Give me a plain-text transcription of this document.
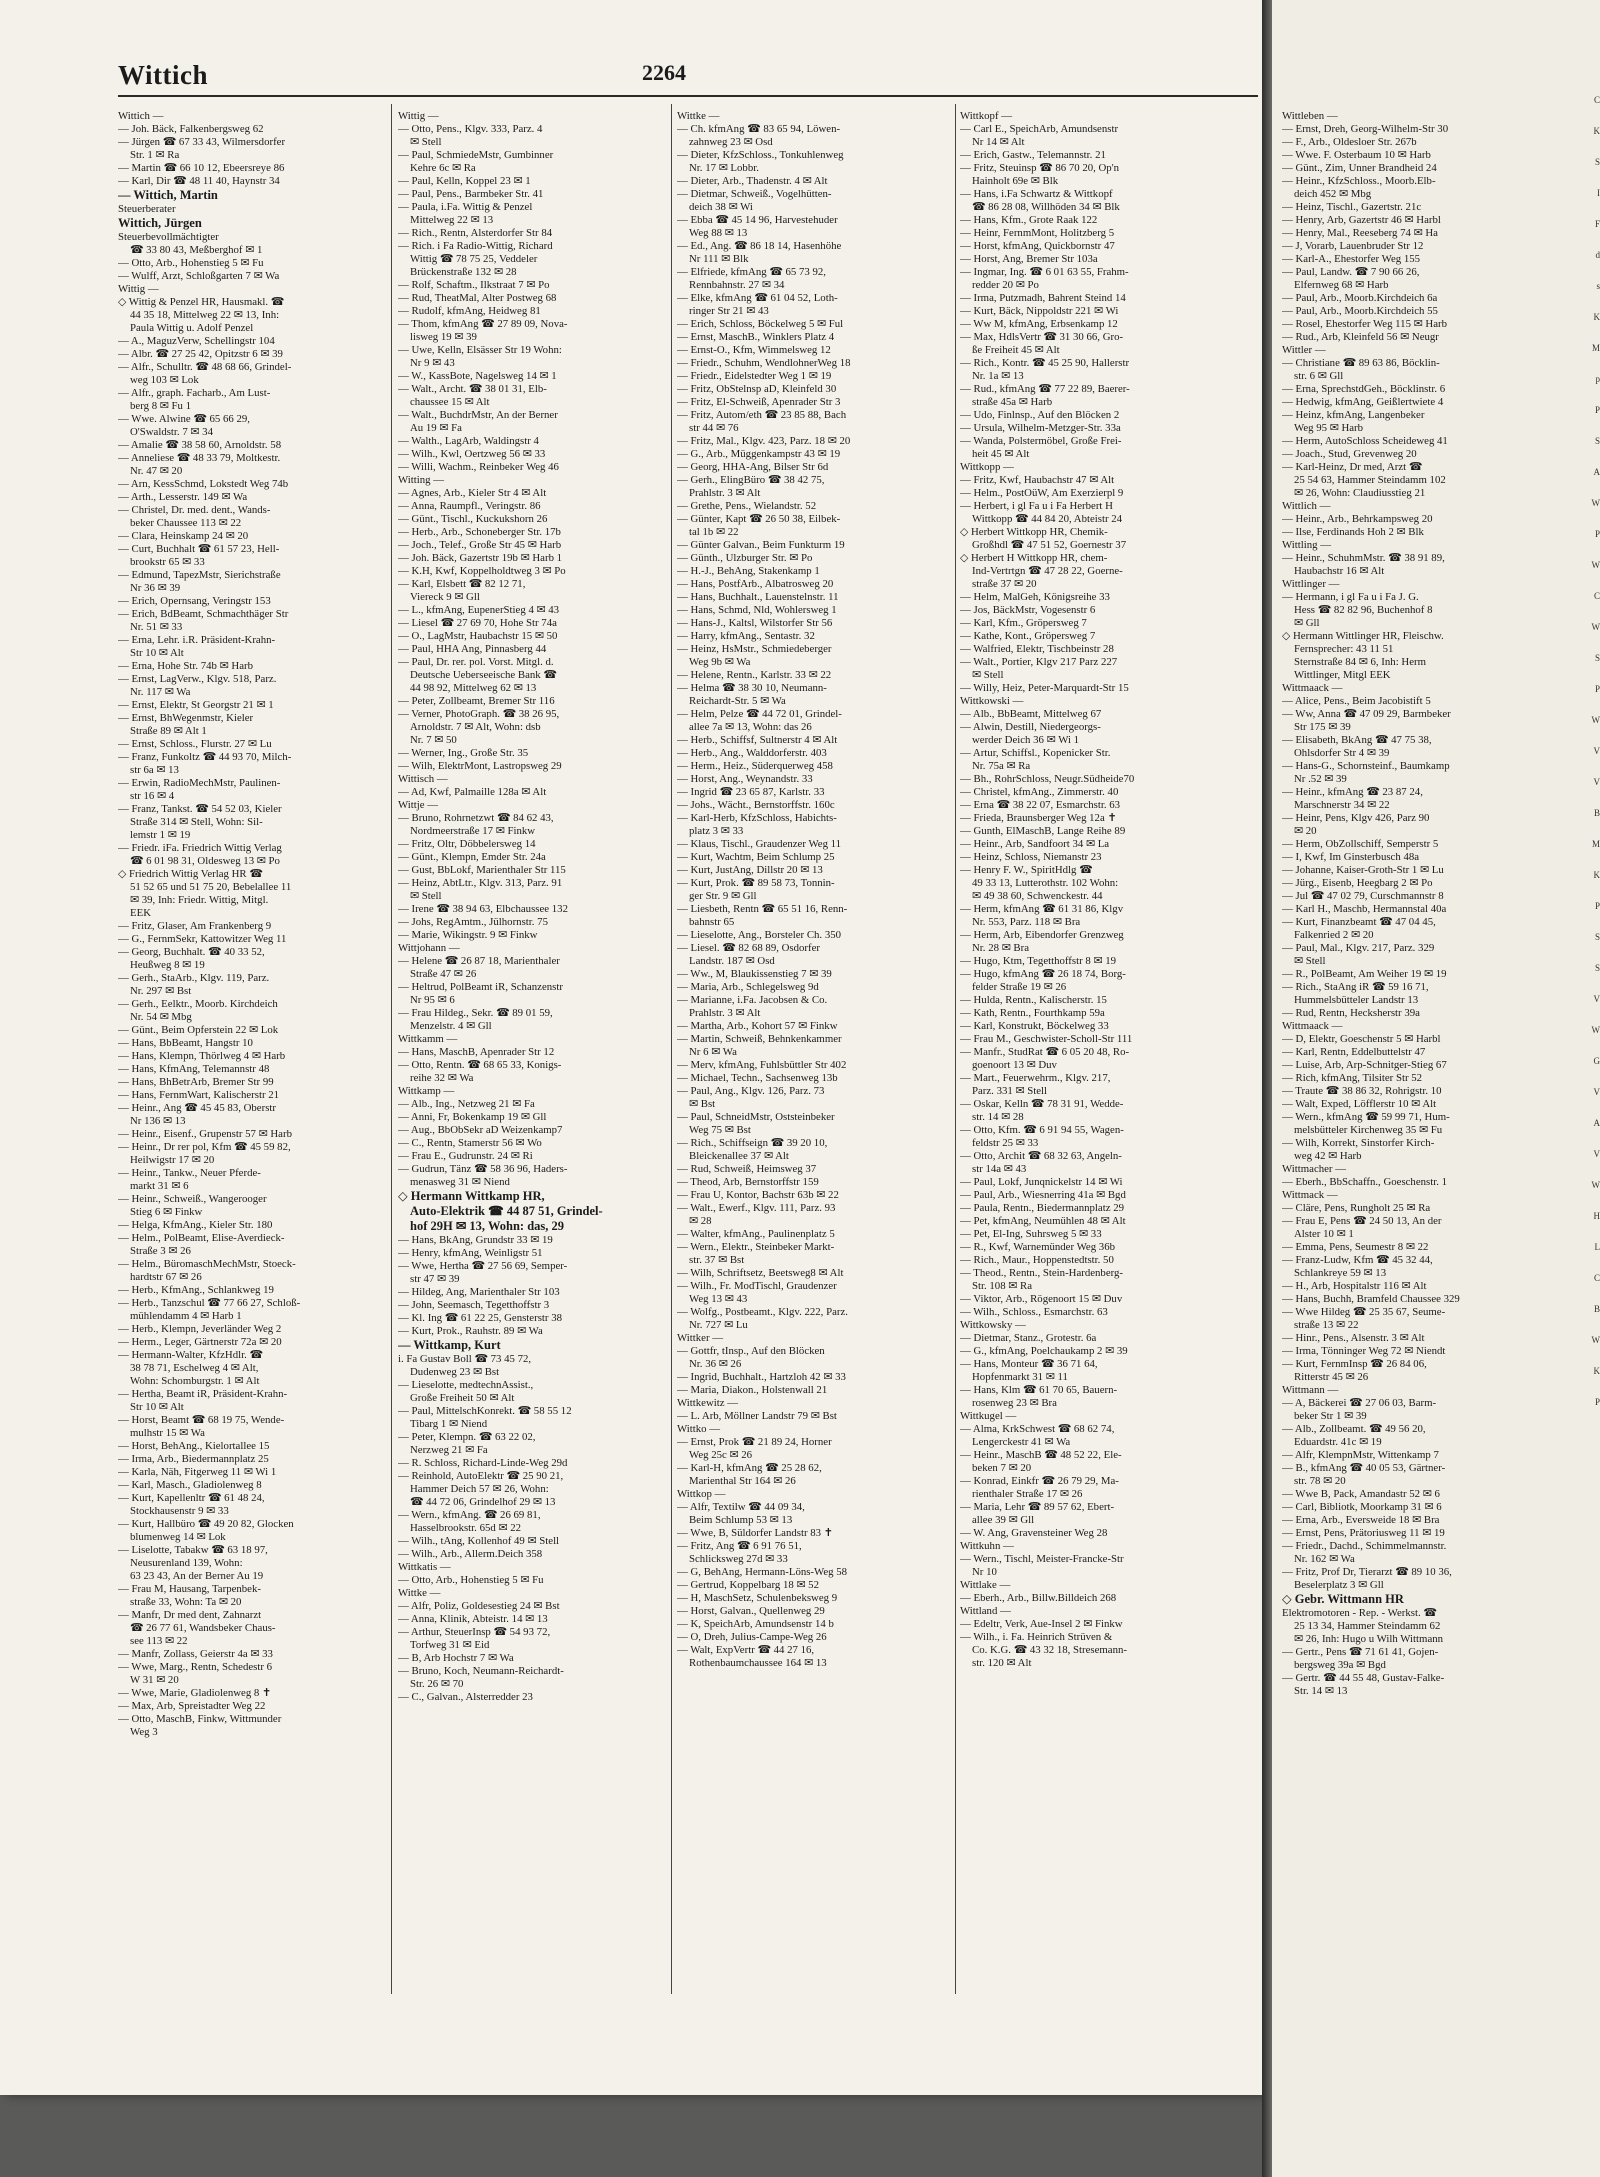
Wittich	2264
Wittich —
— Joh. Bäck, Falkenbergsweg 62
— Jürgen ☎ 67 33 43, Wilmersdorfer
Str. 1 ✉ Ra
— Martin ☎ 66 10 12, Ebeersreye 86
— Karl, Dir ☎ 48 11 40, Haynstr 34
— Wittich, Martin
Steuerberater
Wittich, Jürgen
Steuerbevollmächtigter
☎ 33 80 43, Meßberghof ✉ 1
— Otto, Arb., Hohenstieg 5 ✉ Fu
— Wulff, Arzt, Schloßgarten 7 ✉ Wa
Wittig —
◇ Wittig & Penzel HR, Hausmakl. ☎
44 35 18, Mittelweg 22 ✉ 13, Inh:
Paula Wittig u. Adolf Penzel
— A., MaguzVerw, Schellingstr 104
— Albr. ☎ 27 25 42, Opitzstr 6 ✉ 39
— Alfr., Schulltr. ☎ 48 68 66, Grindel-
weg 103 ✉ Lok
— Alfr., graph. Facharb., Am Lust-
berg 8 ✉ Fu 1
— Wwe. Alwine ☎ 65 66 29,
O'Swaldstr. 7 ✉ 34
— Amalie ☎ 38 58 60, Arnoldstr. 58
— Anneliese ☎ 48 33 79, Moltkestr.
Nr. 47 ✉ 20
— Arn, KessSchmd, Lokstedt Weg 74b
— Arth., Lesserstr. 149 ✉ Wa
— Christel, Dr. med. dent., Wands-
beker Chaussee 113 ✉ 22
— Clara, Heinskamp 24 ✉ 20
— Curt, Buchhalt ☎ 61 57 23, Hell-
brookstr 65 ✉ 33
— Edmund, TapezMstr, Sierichstraße
Nr 36 ✉ 39
— Erich, Opernsang, Veringstr 153
— Erich, BdBeamt, Schmachthäger Str
Nr. 51 ✉ 33
— Erna, Lehr. i.R. Präsident-Krahn-
Str 10 ✉ Alt
— Erna, Hohe Str. 74b ✉ Harb
— Ernst, LagVerw., Klgv. 518, Parz.
Nr. 117 ✉ Wa
— Ernst, Elektr, St Georgstr 21 ✉ 1
— Ernst, BhWegenmstr, Kieler
Straße 89 ✉ Alt 1
— Ernst, Schloss., Flurstr. 27 ✉ Lu
— Franz, Funkoltz ☎ 44 93 70, Milch-
str 6a ✉ 13
— Erwin, RadioMechMstr, Paulinen-
str 16 ✉ 4
— Franz, Tankst. ☎ 54 52 03, Kieler
Straße 314 ✉ Stell, Wohn: Sil-
lemstr 1 ✉ 19
— Friedr. iFa. Friedrich Wittig Verlag
☎ 6 01 98 31, Oldesweg 13 ✉ Po
◇ Friedrich Wittig Verlag HR ☎
51 52 65 und 51 75 20, Bebelallee 11
✉ 39, Inh: Friedr. Wittig, Mitgl.
EEK
— Fritz, Glaser, Am Frankenberg 9
— G., FernmSekr, Kattowitzer Weg 11
— Georg, Buchhalt. ☎ 40 33 52,
Heußweg 8 ✉ 19
— Gerh., StaArb., Klgv. 119, Parz.
Nr. 297 ✉ Bst
— Gerh., Eelktr., Moorb. Kirchdeich
Nr. 54 ✉ Mbg
— Günt., Beim Opferstein 22 ✉ Lok
— Hans, BbBeamt, Hangstr 10
— Hans, Klempn, Thörlweg 4 ✉ Harb
— Hans, KfmAng, Telemannstr 48
— Hans, BhBetrArb, Bremer Str 99
— Hans, FernmWart, Kalischerstr 21
— Heinr., Ang ☎ 45 45 83, Oberstr
Nr 136 ✉ 13
— Heinr., Eisenf., Grupenstr 57 ✉ Harb
— Heinr., Dr rer pol, Kfm ☎ 45 59 82,
Heilwigstr 17 ✉ 20
— Heinr., Tankw., Neuer Pferde-
markt 31 ✉ 6
— Heinr., Schweiß., Wangerooger
Stieg 6 ✉ Finkw
— Helga, KfmAng., Kieler Str. 180
— Helm., PolBeamt, Elise-Averdieck-
Straße 3 ✉ 26
— Helm., BüromaschMechMstr, Stoeck-
hardtstr 67 ✉ 26
— Herb., KfmAng., Schlankweg 19
— Herb., Tanzschul ☎ 77 66 27, Schloß-
mühlendamm 4 ✉ Harb 1
— Herb., Klempn, Jeverländer Weg 2
— Herm., Leger, Gärtnerstr 72a ✉ 20
— Hermann-Walter, KfzHdlr. ☎
38 78 71, Eschelweg 4 ✉ Alt,
Wohn: Schomburgstr. 1 ✉ Alt
— Hertha, Beamt iR, Präsident-Krahn-
Str 10 ✉ Alt
— Horst, Beamt ☎ 68 19 75, Wende-
mulhstr 15 ✉ Wa
— Horst, BehAng., Kielortallee 15
— Irma, Arb., Biedermannplatz 25
— Karla, Näh, Fitgerweg 11 ✉ Wi 1
— Karl, Masch., Gladiolenweg 8
— Kurt, Kapellenltr ☎ 61 48 24,
Stockhausenstr 9 ✉ 33
— Kurt, Hallbüro ☎ 49 20 82, Glocken
blumenweg 14 ✉ Lok
— Liselotte, Tabakw ☎ 63 18 97,
Neusurenland 139, Wohn:
63 23 43, An der Berner Au 19
— Frau M, Hausang, Tarpenbek-
straße 33, Wohn: Ta ✉ 20
— Manfr, Dr med dent, Zahnarzt
☎ 26 77 61, Wandsbeker Chaus-
see 113 ✉ 22
— Manfr, Zollass, Geierstr 4a ✉ 33
— Wwe, Marg., Rentn, Schedestr 6
W 31 ✉ 20
— Wwe, Marie, Gladiolenweg 8 ✝
— Max, Arb, Spreistadter Weg 22
— Otto, MaschB, Finkw, Wittmunder
Weg 3
Wittig —
— Otto, Pens., Klgv. 333, Parz. 4
✉ Stell
— Paul, SchmiedeMstr, Gumbinner
Kehre 6c ✉ Ra
— Paul, Kelln, Koppel 23 ✉ 1
— Paul, Pens., Barmbeker Str. 41
— Paula, i.Fa. Wittig & Penzel
Mittelweg 22 ✉ 13
— Rich., Rentn, Alsterdorfer Str 84
— Rich. i Fa Radio-Wittig, Richard
Wittig ☎ 78 75 25, Veddeler
Brückenstraße 132 ✉ 28
— Rolf, Schaftm., Ilkstraat 7 ✉ Po
— Rud, TheatMal, Alter Postweg 68
— Rudolf, kfmAng, Heidweg 81
— Thom, kfmAng ☎ 27 89 09, Nova-
lisweg 19 ✉ 39
— Uwe, Kelln, Elsässer Str 19 Wohn:
Nr 9 ✉ 43
— W., KassBote, Nagelsweg 14 ✉ 1
— Walt., Archt. ☎ 38 01 31, Elb-
chaussee 15 ✉ Alt
— Walt., BuchdrMstr, An der Berner
Au 19 ✉ Fa
— Walth., LagArb, Waldingstr 4
— Wilh., Kwl, Oertzweg 56 ✉ 33
— Willi, Wachm., Reinbeker Weg 46
Witting —
— Agnes, Arb., Kieler Str 4 ✉ Alt
— Anna, Raumpfl., Veringstr. 86
— Günt., Tischl., Kuckukshorn 26
— Herb., Arb., Schoneberger Str. 17b
— Joch., Telef., Große Str 45 ✉ Harb
— Joh. Bäck, Gazertstr 19b ✉ Harb 1
— K.H, Kwf, Koppelholdtweg 3 ✉ Po
— Karl, Elsbett ☎ 82 12 71,
Viereck 9 ✉ Gll
— L., kfmAng, EupenerStieg 4 ✉ 43
— Liesel ☎ 27 69 70, Hohe Str 74a
— O., LagMstr, Haubachstr 15 ✉ 50
— Paul, HHA Ang, Pinnasberg 44
— Paul, Dr. rer. pol. Vorst. Mitgl. d.
Deutsche Ueberseeische Bank ☎
44 98 92, Mittelweg 62 ✉ 13
— Peter, Zollbeamt, Bremer Str 116
— Verner, PhotoGraph. ☎ 38 26 95,
Arnoldstr. 7 ✉ Alt, Wohn: dsb
Nr. 7 ✉ 50
— Werner, Ing., Große Str. 35
— Wilh, ElektrMont, Lastropsweg 29
Wittisch —
— Ad, Kwf, Palmaille 128a ✉ Alt
Wittje —
— Bruno, Rohrnetzwt ☎ 84 62 43,
Nordmeerstraße 17 ✉ Finkw
— Fritz, Oltr, Döbbelersweg 14
— Günt., Klempn, Emder Str. 24a
— Gust, BbLokf, Marienthaler Str 115
— Heinz, AbtLtr., Klgv. 313, Parz. 91
✉ Stell
— Irene ☎ 38 94 63, Elbchaussee 132
— Johs, RegAmtm., Jülhornstr. 75
— Marie, Wikingstr. 9 ✉ Finkw
Wittjohann —
— Helene ☎ 26 87 18, Marienthaler
Straße 47 ✉ 26
— Heltrud, PolBeamt iR, Schanzenstr
Nr 95 ✉ 6
— Frau Hildeg., Sekr. ☎ 89 01 59,
Menzelstr. 4 ✉ Gll
Wittkamm —
— Hans, MaschB, Apenrader Str 12
— Otto, Rentn. ☎ 68 65 33, Konigs-
reihe 32 ✉ Wa
Wittkamp —
— Alb., Ing., Netzweg 21 ✉ Fa
— Anni, Fr, Bokenkamp 19 ✉ Gll
— Aug., BbObSekr aD Weizenkamp7
— C., Rentn, Stamerstr 56 ✉ Wo
— Frau E., Gudrunstr. 24 ✉ Ri
— Gudrun, Tänz ☎ 58 36 96, Haders-
menasweg 31 ✉ Niend
◇ Hermann Wittkamp HR,
Auto-Elektrik ☎ 44 87 51, Grindel-
hof 29H ✉ 13, Wohn: das, 29
— Hans, BkAng, Grundstr 33 ✉ 19
— Henry, kfmAng, Weinligstr 51
— Wwe, Hertha ☎ 27 56 69, Semper-
str 47 ✉ 39
— Hildeg, Ang, Marienthaler Str 103
— John, Seemasch, Tegetthoffstr 3
— Kl. Ing ☎ 61 22 25, Gensterstr 38
— Kurt, Prok., Rauhstr. 89 ✉ Wa
— Wittkamp, Kurt
i. Fa Gustav Boll ☎ 73 45 72,
Dudenweg 23 ✉ Bst
— Lieselotte, medtechnAssist.,
Große Freiheit 50 ✉ Alt
— Paul, MittelschKonrekt. ☎ 58 55 12
Tibarg 1 ✉ Niend
— Peter, Klempn. ☎ 63 22 02,
Nerzweg 21 ✉ Fa
— R. Schloss, Richard-Linde-Weg 29d
— Reinhold, AutoElektr ☎ 25 90 21,
Hammer Deich 57 ✉ 26, Wohn:
☎ 44 72 06, Grindelhof 29 ✉ 13
— Wern., kfmAng. ☎ 26 69 81,
Hasselbrookstr. 65d ✉ 22
— Wilh., tAng, Kollenhof 49 ✉ Stell
— Wilh., Arb., Allerm.Deich 358
Wittkatis —
— Otto, Arb., Hohenstieg 5 ✉ Fu
Wittke —
— Alfr, Poliz, Goldesestieg 24 ✉ Bst
— Anna, Klinik, Abteistr. 14 ✉ 13
— Arthur, SteuerInsp ☎ 54 93 72,
Torfweg 31 ✉ Eid
— B, Arb Hochstr 7 ✉ Wa
— Bruno, Koch, Neumann-Reichardt-
Str. 26 ✉ 70
— C., Galvan., Alsterredder 23
Wittke —
— Ch. kfmAng ☎ 83 65 94, Löwen-
zahnweg 23 ✉ Osd
— Dieter, KfzSchloss., Tonkuhlenweg
Nr. 17 ✉ Lobbr.
— Dieter, Arb., Thadenstr. 4 ✉ Alt
— Dietmar, Schweiß., Vogelhütten-
deich 38 ✉ Wi
— Ebba ☎ 45 14 96, Harvestehuder
Weg 88 ✉ 13
— Ed., Ang. ☎ 86 18 14, Hasenhöhe
Nr 111 ✉ Blk
— Elfriede, kfmAng ☎ 65 73 92,
Rennbahnstr. 27 ✉ 34
— Elke, kfmAng ☎ 61 04 52, Loth-
ringer Str 21 ✉ 43
— Erich, Schloss, Böckelweg 5 ✉ Ful
— Ernst, MaschB., Winklers Platz 4
— Ernst-O., Kfm, Wimmelsweg 12
— Friedr., Schuhm, WendlohnerWeg 18
— Friedr., Eidelstedter Weg 1 ✉ 19
— Fritz, ObStelnsp aD, Kleinfeld 30
— Fritz, El-Schweiß, Apenrader Str 3
— Fritz, Autom/eth ☎ 23 85 88, Bach
str 44 ✉ 76
— Fritz, Mal., Klgv. 423, Parz. 18 ✉ 20
— G., Arb., Müggenkampstr 43 ✉ 19
— Georg, HHA-Ang, Bilser Str 6d
— Gerh., ElingBüro ☎ 38 42 75,
Prahlstr. 3 ✉ Alt
— Grethe, Pens., Wielandstr. 52
— Günter, Kapt ☎ 26 50 38, Eilbek-
tal 1b ✉ 22
— Günter Galvan., Beim Funkturm 19
— Günth., Ulzburger Str. ✉ Po
— H.-J., BehAng, Stakenkamp 1
— Hans, PostfArb., Albatrosweg 20
— Hans, Buchhalt., Lauenstelnstr. 11
— Hans, Schmd, Nld, Wohlersweg 1
— Hans-J., Kaltsl, Wilstorfer Str 56
— Harry, kfmAng., Sentastr. 32
— Heinz, HsMstr., Schmiedeberger
Weg 9b ✉ Wa
— Helene, Rentn., Karlstr. 33 ✉ 22
— Helma ☎ 38 30 10, Neumann-
Reichardt-Str. 5 ✉ Wa
— Helm, Pelze ☎ 44 72 01, Grindel-
allee 7a ✉ 13, Wohn: das 26
— Herb., Schiffsf, Sultnerstr 4 ✉ Alt
— Herb., Ang., Walddorferstr. 403
— Herm., Heiz., Süderquerweg 458
— Horst, Ang., Weynandstr. 33
— Ingrid ☎ 23 65 87, Karlstr. 33
— Johs., Wächt., Bernstorffstr. 160c
— Karl-Herb, KfzSchloss, Habichts-
platz 3 ✉ 33
— Klaus, Tischl., Graudenzer Weg 11
— Kurt, Wachtm, Beim Schlump 25
— Kurt, JustAng, Dillstr 20 ✉ 13
— Kurt, Prok. ☎ 89 58 73, Tonnin-
ger Str. 9 ✉ Gll
— Liesbeth, Rentn ☎ 65 51 16, Renn-
bahnstr 65
— Lieselotte, Ang., Borsteler Ch. 350
— Liesel. ☎ 82 68 89, Osdorfer
Landstr. 187 ✉ Osd
— Ww., M, Blaukissenstieg 7 ✉ 39
— Maria, Arb., Schlegelsweg 9d
— Marianne, i.Fa. Jacobsen & Co.
Prahlstr. 3 ✉ Alt
— Martha, Arb., Kohort 57 ✉ Finkw
— Martin, Schweiß, Behnkenkammer
Nr 6 ✉ Wa
— Merv, kfmAng, Fuhlsbüttler Str 402
— Michael, Techn., Sachsenweg 13b
— Paul, Ang., Klgv. 126, Parz. 73
✉ Bst
— Paul, SchneidMstr, Oststeinbeker
Weg 75 ✉ Bst
— Rich., Schiffseign ☎ 39 20 10,
Bleickenallee 37 ✉ Alt
— Rud, Schweiß, Heimsweg 37
— Theod, Arb, Bernstorffstr 159
— Frau U, Kontor, Bachstr 63b ✉ 22
— Walt., Ewerf., Klgv. 111, Parz. 93
✉ 28
— Walter, kfmAng., Paulinenplatz 5
— Wern., Elektr., Steinbeker Markt-
str. 37 ✉ Bst
— Wilh, Schriftsetz, Beetsweg8 ✉ Alt
— Wilh., Fr. ModTischl, Graudenzer
Weg 13 ✉ 43
— Wolfg., Postbeamt., Klgv. 222, Parz.
Nr. 727 ✉ Lu
Wittker —
— Gottfr, tInsp., Auf den Blöcken
Nr. 36 ✉ 26
— Ingrid, Buchhalt., Hartzloh 42 ✉ 33
— Maria, Diakon., Holstenwall 21
Wittkewitz —
— L. Arb, Möllner Landstr 79 ✉ Bst
Wittko —
— Ernst, Prok ☎ 21 89 24, Horner
Weg 25c ✉ 26
— Karl-H, kfmAng ☎ 25 28 62,
Marienthal Str 164 ✉ 26
Wittkop —
— Alfr, Textilw ☎ 44 09 34,
Beim Schlump 53 ✉ 13
— Wwe, B, Süldorfer Landstr 83 ✝
— Fritz, Ang ☎ 6 91 76 51,
Schlicksweg 27d ✉ 33
— G, BehAng, Hermann-Löns-Weg 58
— Gertrud, Koppelbarg 18 ✉ 52
— H, MaschSetz, Schulenbeksweg 9
— Horst, Galvan., Quellenweg 29
— K, SpeichArb, Amundsenstr 14 b
— O, Dreh, Julius-Campe-Weg 26
— Walt, ExpVertr ☎ 44 27 16,
Rothenbaumchaussee 164 ✉ 13
Wittkopf —
— Carl E., SpeichArb, Amundsenstr
Nr 14 ✉ Alt
— Erich, Gastw., Telemannstr. 21
— Fritz, Steuinsp ☎ 86 70 20, Op'n
Hainholt 69e ✉ Blk
— Hans, i.Fa Schwartz & Wittkopf
☎ 86 28 08, Willhöden 34 ✉ Blk
— Hans, Kfm., Grote Raak 122
— Heinr, FernmMont, Holitzberg 5
— Horst, kfmAng, Quickbornstr 47
— Horst, Ang, Bremer Str 103a
— Ingmar, Ing. ☎ 6 01 63 55, Frahm-
redder 20 ✉ Po
— Irma, Putzmadh, Bahrent Steind 14
— Kurt, Bäck, Nippoldstr 221 ✉ Wi
— Ww M, kfmAng, Erbsenkamp 12
— Max, HdlsVertr ☎ 31 30 66, Gro-
ße Freiheit 45 ✉ Alt
— Rich., Kontr. ☎ 45 25 90, Hallerstr
Nr. 1a ✉ 13
— Rud., kfmAng ☎ 77 22 89, Baerer-
straße 45a ✉ Harb
— Udo, Finlnsp., Auf den Blöcken 2
— Ursula, Wilhelm-Metzger-Str. 33a
— Wanda, Polstermöbel, Große Frei-
heit 45 ✉ Alt
Wittkopp —
— Fritz, Kwf, Haubachstr 47 ✉ Alt
— Helm., PostOüW, Am Exerzierpl 9
— Herbert, i gl Fa u i Fa Herbert H
Wittkopp ☎ 44 84 20, Abteistr 24
◇ Herbert Wittkopp HR, Chemik-
Großhdl ☎ 47 51 52, Goernestr 37
◇ Herbert H Wittkopp HR, chem-
Ind-Vertrtgn ☎ 47 28 22, Goerne-
straße 37 ✉ 20
— Helm, MalGeh, Königsreihe 33
— Jos, BäckMstr, Vogesenstr 6
— Karl, Kfm., Gröpersweg 7
— Kathe, Kont., Gröpersweg 7
— Walfried, Elektr, Tischbeinstr 28
— Walt., Portier, Klgv 217 Parz 227
✉ Stell
— Willy, Heiz, Peter-Marquardt-Str 15
Wittkowski —
— Alb., BbBeamt, Mittelweg 67
— Alwin, Destill, Niedergeorgs-
werder Deich 36 ✉ Wi 1
— Artur, Schiffsl., Kopenicker Str.
Nr. 75a ✉ Ra
— Bh., RohrSchloss, Neugr.Südheide70
— Christel, kfmAng., Zimmerstr. 40
— Erna ☎ 38 22 07, Esmarchstr. 63
— Frieda, Braunsberger Weg 12a ✝
— Gunth, ElMaschB, Lange Reihe 89
— Heinr., Arb, Sandfoort 34 ✉ La
— Heinz, Schloss, Niemanstr 23
— Henry F. W., SpiritHdlg ☎
49 33 13, Lutterothstr. 102 Wohn:
✉ 49 38 60, Schwenckestr. 44
— Herm, kfmAng ☎ 61 31 86, Klgv
Nr. 553, Parz. 118 ✉ Bra
— Herm, Arb, Eibendorfer Grenzweg
Nr. 28 ✉ Bra
— Hugo, Ktm, Tegetthoffstr 8 ✉ 19
— Hugo, kfmAng ☎ 26 18 74, Borg-
felder Straße 19 ✉ 26
— Hulda, Rentn., Kalischerstr. 15
— Kath, Rentn., Fourthkamp 59a
— Karl, Konstrukt, Böckelweg 33
— Frau M., Geschwister-Scholl-Str 111
— Manfr., StudRat ☎ 6 05 20 48, Ro-
goenoort 13 ✉ Duv
— Mart., Feuerwehrm., Klgv. 217,
Parz. 331 ✉ Stell
— Oskar, Kelln ☎ 78 31 91, Wedde-
str. 14 ✉ 28
— Otto, Kfm. ☎ 6 91 94 55, Wagen-
feldstr 25 ✉ 33
— Otto, Archit ☎ 68 32 63, Angeln-
str 14a ✉ 43
— Paul, Lokf, Junqnickelstr 14 ✉ Wi
— Paul, Arb., Wiesnerring 41a ✉ Bgd
— Paula, Rentn., Biedermannplatz 29
— Pet, kfmAng, Neumühlen 48 ✉ Alt
— Pet, El-Ing, Suhrsweg 5 ✉ 33
— R., Kwf, Warnemünder Weg 36b
— Rich., Maur., Hoppenstedtstr. 50
— Theod., Rentn., Stein-Hardenberg-
Str. 108 ✉ Ra
— Viktor, Arb., Rögenoort 15 ✉ Duv
— Wilh., Schloss., Esmarchstr. 63
Wittkowsky —
— Dietmar, Stanz., Grotestr. 6a
— G., kfmAng, Poelchaukamp 2 ✉ 39
— Hans, Monteur ☎ 36 71 64,
Hopfenmarkt 31 ✉ 11
— Hans, Klm ☎ 61 70 65, Bauern-
rosenweg 23 ✉ Bra
Wittkugel —
— Alma, KrkSchwest ☎ 68 62 74,
Lengerckestr 41 ✉ Wa
— Heinr., MaschB ☎ 48 52 22, Ele-
beken 7 ✉ 20
— Konrad, Einkfr ☎ 26 79 29, Ma-
rienthaler Straße 17 ✉ 26
— Maria, Lehr ☎ 89 57 62, Ebert-
allee 39 ✉ Gll
— W. Ang, Gravensteiner Weg 28
Wittkuhn —
— Wern., Tischl, Meister-Francke-Str
Nr 10
Wittlake —
— Eberh., Arb., Billw.Billdeich 268
Wittland —
— Edeltr, Verk, Aue-Insel 2 ✉ Finkw
— Wilh., i. Fa. Heinrich Strüven &
Co. K.G. ☎ 43 32 18, Stresemann-
str. 120 ✉ Alt
Wittleben —
— Ernst, Dreh, Georg-Wilhelm-Str 30
— F., Arb., Oldesloer Str. 267b
— Wwe. F. Osterbaum 10 ✉ Harb
— Günt., Zim, Unner Brandheid 24
— Heinr., KfzSchloss., Moorb.Elb-
deich 452 ✉ Mbg
— Heinz, Tischl., Gazertstr. 21c
— Henry, Arb, Gazertstr 46 ✉ Harbl
— Henry, Mal., Reeseberg 74 ✉ Ha
— J, Vorarb, Lauenbruder Str 12
— Karl-A., Ehestorfer Weg 155
— Paul, Landw. ☎ 7 90 66 26,
Elfernweg 68 ✉ Harb
— Paul, Arb., Moorb.Kirchdeich 6a
— Paul, Arb., Moorb.Kirchdeich 55
— Rosel, Ehestorfer Weg 115 ✉ Harb
— Rud., Arb, Kleinfeld 56 ✉ Neugr
Wittler —
— Christiane ☎ 89 63 86, Böcklin-
str. 6 ✉ Gll
— Erna, SprechstdGeh., Böcklinstr. 6
— Hedwig, kfmAng, Geißlertwiete 4
— Heinz, kfmAng, Langenbeker
Weg 95 ✉ Harb
— Herm, AutoSchloss Scheideweg 41
— Joach., Stud, Grevenweg 20
— Karl-Heinz, Dr med, Arzt ☎
25 54 63, Hammer Steindamm 102
✉ 26, Wohn: Claudiusstieg 21
Wittlich —
— Heinr., Arb., Behrkampsweg 20
— Ilse, Ferdinands Hoh 2 ✉ Blk
Wittling —
— Heinr., SchuhmMstr. ☎ 38 91 89,
Haubachstr 16 ✉ Alt
Wittlinger —
— Hermann, i gl Fa u i Fa J. G.
Hess ☎ 82 82 96, Buchenhof 8
✉ Gll
◇ Hermann Wittlinger HR, Fleischw.
Fernsprecher: 43 11 51
Sternstraße 84 ✉ 6, Inh: Herm
Wittlinger, Mitgl EEK
Wittmaack —
— Alice, Pens., Beim Jacobistift 5
— Ww, Anna ☎ 47 09 29, Barmbeker
Str 175 ✉ 39
— Elisabeth, BkAng ☎ 47 75 38,
Ohlsdorfer Str 4 ✉ 39
— Hans-G., Schornsteinf., Baumkamp
Nr .52 ✉ 39
— Heinr., kfmAng ☎ 23 87 24,
Marschnerstr 34 ✉ 22
— Heinr, Pens, Klgv 426, Parz 90
✉ 20
— Herm, ObZollschiff, Semperstr 5
— I, Kwf, Im Ginsterbusch 48a
— Johanne, Kaiser-Groth-Str 1 ✉ Lu
— Jürg., Eisenb, Heegbarg 2 ✉ Po
— Jul ☎ 47 02 79, Curschmannstr 8
— Karl H., Maschb, Hermannstal 40a
— Kurt, Finanzbeamt ☎ 47 04 45,
Falkenried 2 ✉ 20
— Paul, Mal., Klgv. 217, Parz. 329
✉ Stell
— R., PolBeamt, Am Weiher 19 ✉ 19
— Rich., StaAng iR ☎ 59 16 71,
Hummelsbütteler Landstr 13
— Rud, Rentn, Hecksherstr 39a
Wittmaack —
— D, Elektr, Goeschenstr 5 ✉ Harbl
— Karl, Rentn, Eddelbuttelstr 47
— Luise, Arb, Arp-Schnitger-Stieg 67
— Rich, kfmAng, Tilsiter Str 52
— Traute ☎ 38 86 32, Rohrigstr. 10
— Walt, Exped, Löfflerstr 10 ✉ Alt
— Wern., kfmAng ☎ 59 99 71, Hum-
melsbütteler Kirchenweg 35 ✉ Fu
— Wilh, Korrekt, Sinstorfer Kirch-
weg 42 ✉ Harb
Wittmacher —
— Eberh., BbSchaffn., Goeschenstr. 1
Wittmack —
— Cläre, Pens, Rungholt 25 ✉ Ra
— Frau E, Pens ☎ 24 50 13, An der
Alster 10 ✉ 1
— Emma, Pens, Seumestr 8 ✉ 22
— Franz-Ludw, Kfm ☎ 45 32 44,
Schlankreye 59 ✉ 13
— H., Arb, Hospitalstr 116 ✉ Alt
— Hans, Buchh, Bramfeld Chaussee 329
— Wwe Hildeg ☎ 25 35 67, Seume-
straße 13 ✉ 22
— Hinr., Pens., Alsenstr. 3 ✉ Alt
— Irma, Tönninger Weg 72 ✉ Niendt
— Kurt, FernmInsp ☎ 26 84 06,
Ritterstr 45 ✉ 26
Wittmann —
— A, Bäckerei ☎ 27 06 03, Barm-
beker Str 1 ✉ 39
— Alb., Zollbeamt. ☎ 49 56 20,
Eduardstr. 41c ✉ 19
— Alfr, KlempnMstr, Wittenkamp 7
— B., kfmAng ☎ 40 05 53, Gärtner-
str. 78 ✉ 20
— Wwe B, Pack, Amandastr 52 ✉ 6
— Carl, Bibliotk, Moorkamp 31 ✉ 6
— Erna, Arb., Eversweide 18 ✉ Bra
— Ernst, Pens, Prätoriusweg 11 ✉ 19
— Friedr., Dachd., Schimmelmannstr.
Nr. 162 ✉ Wa
— Fritz, Prof Dr, Tierarzt ☎ 89 10 36,
Beselerplatz 3 ✉ Gll
◇ Gebr. Wittmann HR
Elektromotoren - Rep. - Werkst. ☎
25 13 34, Hammer Steindamm 62
✉ 26, Inh: Hugo u Wilh Wittmann
— Gertr., Pens ☎ 71 61 41, Gojen-
bergsweg 39a ✉ Bgd
— Gertr. ☎ 44 55 48, Gustav-Falke-
Str. 14 ✉ 13
C
K
S
I
F
d
s
K
M
p
P
S
A
W
P
W
C
W
S
P
W
V
V
B
M
K
P
S
S
V
W
G
V
A
V
W
H
L
C
B
W
K
P
